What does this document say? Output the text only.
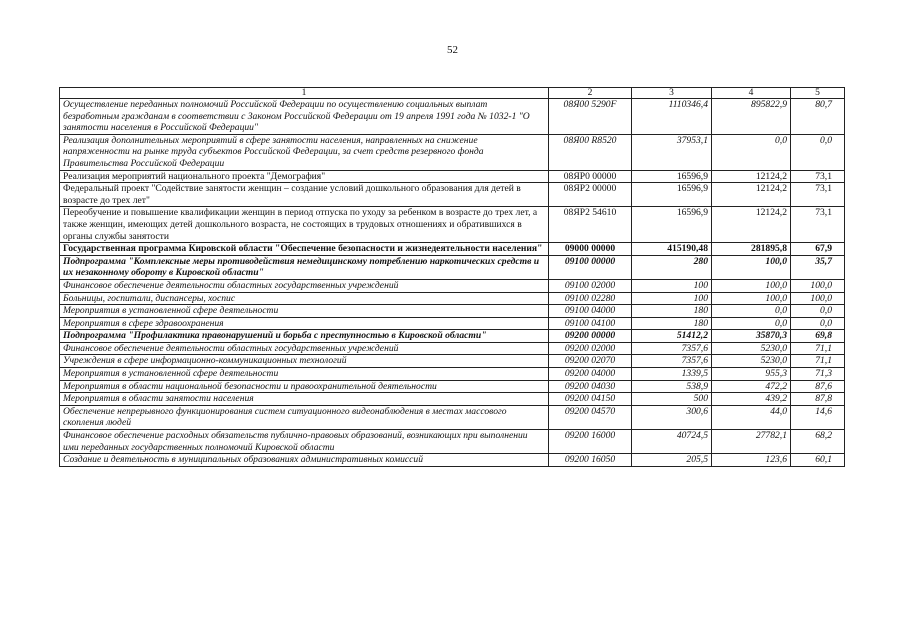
52
1	2	3	4	5
Осуществление переданных полномочий Российской Федерации по осуществлению социальных выплат безработным гражданам в соответствии с Законом Российской Федерации от 19 апреля 1991 года № 1032-1 "О занятости населения в Российской Федерации"	08Я00 5290F	1110346,4	895822,9	80,7
Реализация дополнительных мероприятий в сфере занятости населения, направленных на снижение напряженности на рынке труда субъектов Российской Федерации, за счет средств резервного фонда Правительства Российской Федерации	08Я00 R8520	37953,1	0,0	0,0
Реализация мероприятий национального проекта "Демография"	08ЯР0 00000	16596,9	12124,2	73,1
Федеральный проект "Содействие занятости женщин – создание условий дошкольного образования для детей в возрасте до трех лет"	08ЯР2 00000	16596,9	12124,2	73,1
Переобучение и повышение квалификации женщин в период отпуска по уходу за ребенком в возрасте до трех лет, а также женщин, имеющих детей дошкольного возраста, не состоящих в трудовых отношениях и обратившихся в органы службы занятости	08ЯР2 54610	16596,9	12124,2	73,1
Государственная программа Кировской области "Обеспечение безопасности и жизнедеятельности населения"	09000 00000	415190,48	281895,8	67,9
Подпрограмма "Комплексные меры противодействия немедицинскому потреблению наркотических средств и их незаконному обороту в Кировской области"	09100 00000	280	100,0	35,7
Финансовое обеспечение деятельности областных государственных учреждений	09100 02000	100	100,0	100,0
Больницы, госпитали, диспансеры, хоспис	09100 02280	100	100,0	100,0
Мероприятия в установленной сфере деятельности	09100 04000	180	0,0	0,0
Мероприятия в сфере здравоохранения	09100 04100	180	0,0	0,0
Подпрограмма "Профилактика правонарушений и борьба с преступностью в Кировской области"	09200 00000	51412,2	35870,3	69,8
Финансовое обеспечение деятельности областных государственных учреждений	09200 02000	7357,6	5230,0	71,1
Учреждения в сфере информационно-коммуникационных технологий	09200 02070	7357,6	5230,0	71,1
Мероприятия в установленной сфере деятельности	09200 04000	1339,5	955,3	71,3
Мероприятия в области национальной безопасности и правоохранительной деятельности	09200 04030	538,9	472,2	87,6
Мероприятия в области занятости населения	09200 04150	500	439,2	87,8
Обеспечение непрерывного функционирования систем ситуационного видеонаблюдения в местах массового скопления людей	09200 04570	300,6	44,0	14,6
Финансовое обеспечение расходных обязательств публично-правовых образований, возникающих при выполнении ими переданных государственных полномочий Кировской области	09200 16000	40724,5	27782,1	68,2
Создание и деятельность в муниципальных образованиях административных комиссий	09200 16050	205,5	123,6	60,1
